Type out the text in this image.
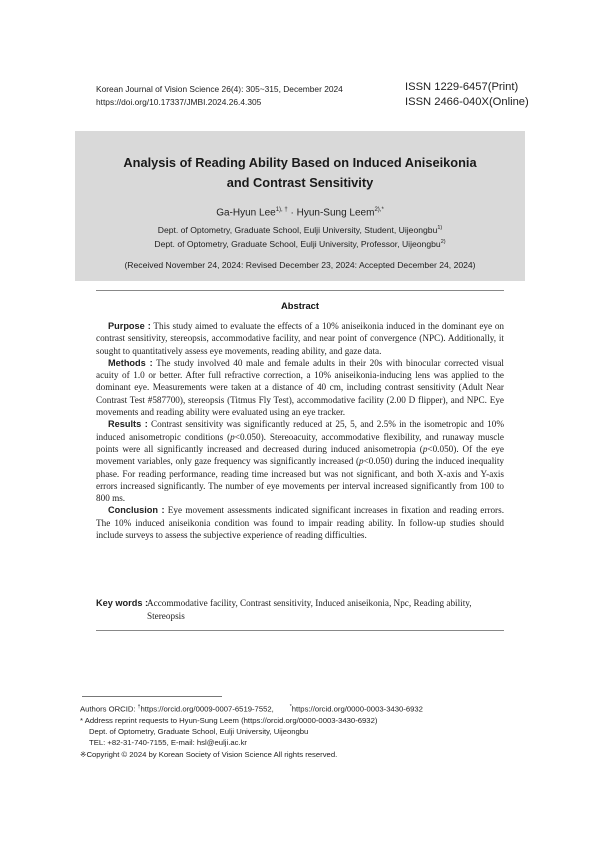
Korean Journal of Vision Science 26(4): 305~315, December 2024
https://doi.org/10.17337/JMBI.2024.26.4.305
ISSN 1229-6457(Print)
ISSN 2466-040X(Online)
Analysis of Reading Ability Based on Induced Aniseikonia
and Contrast Sensitivity
Ga-Hyun Lee$^{1), \dagger}$ · Hyun-Sung Leem$^{2),*}$
Dept. of Optometry, Graduate School, Eulji University, Student, Uijeongbu$^{1)}$
Dept. of Optometry, Graduate School, Eulji University, Professor, Uijeongbu$^{2)}$
(Received November 24, 2024: Revised December 23, 2024: Accepted December 24, 2024)
Abstract

Purpose : This study aimed to evaluate the effects of a 10% aniseikonia induced in the dominant eye on contrast sensitivity, stereopsis, accommodative facility, and near point of convergence (NPC). Additionally, it sought to quantitatively assess eye movements, reading ability, and gaze data.

Methods : The study involved 40 male and female adults in their 20s with binocular corrected visual acuity of 1.0 or better. After full refractive correction, a 10% aniseikonia-inducing lens was applied to the dominant eye. Measurements were taken at a distance of 40 cm, including contrast sensitivity (Adult Near Contrast Test #587700), stereopsis (Titmus Fly Test), accommodative facility (2.00 D flipper), and NPC. Eye movements and reading ability were evaluated using an eye tracker.

Results : Contrast sensitivity was significantly reduced at 25, 5, and 2.5% in the isometropic and 10% induced anisometropic conditions (p<0.050). Stereoacuity, accommodative flexibility, and runaway muscle points were all significantly increased and decreased during induced anisometropia (p<0.050). Of the eye movement variables, only gaze frequency was significantly increased (p<0.050) during the induced inequality phase. For reading performance, reading time increased but was not significant, and both X-axis and Y-axis errors increased significantly. The number of eye movements per interval increased significantly from 100 to 800 ms.

Conclusion : Eye movement assessments indicated significant increases in fixation and reading errors. The 10% induced aniseikonia condition was found to impair reading ability. In follow-up studies should include surveys to assess the subjective experience of reading difficulties.

Key words :
Accommodative facility, Contrast sensitivity, Induced aniseikonia, Npc, Reading ability, Stereopsis
Authors ORCID: †https://orcid.org/0009-0007-6519-7552,	*https://orcid.org/0000-0003-3430-6932
* Address reprint requests to Hyun-Sung Leem (https://orcid.org/0000-0003-3430-6932)
Dept. of Optometry, Graduate School, Eulji University, Uijeongbu
TEL: +82-31-740-7155, E-mail: hsl@eulji.ac.kr
※Copyright © 2024 by Korean Society of Vision Science All rights reserved.
